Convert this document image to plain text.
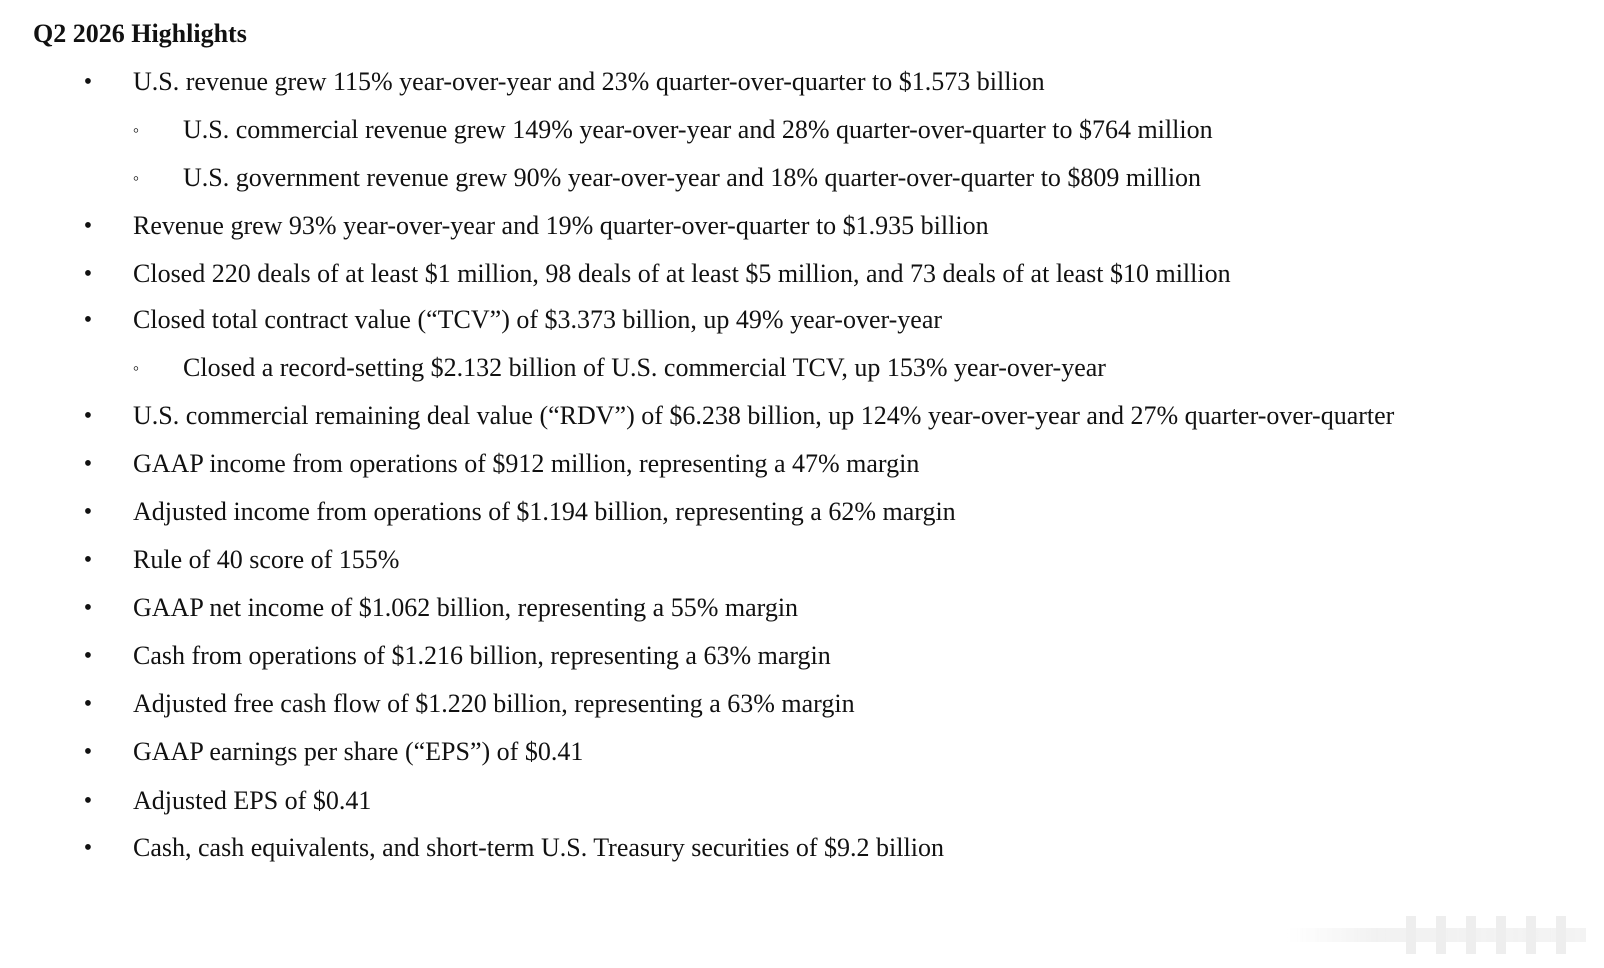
Q2 2026 Highlights
• U.S. revenue grew 115% year-over-year and 23% quarter-over-quarter to $1.573 billion
◦ U.S. commercial revenue grew 149% year-over-year and 28% quarter-over-quarter to $764 million
◦ U.S. government revenue grew 90% year-over-year and 18% quarter-over-quarter to $809 million
• Revenue grew 93% year-over-year and 19% quarter-over-quarter to $1.935 billion
• Closed 220 deals of at least $1 million, 98 deals of at least $5 million, and 73 deals of at least $10 million
• Closed total contract value (“TCV”) of $3.373 billion, up 49% year-over-year
◦ Closed a record-setting $2.132 billion of U.S. commercial TCV, up 153% year-over-year
• U.S. commercial remaining deal value (“RDV”) of $6.238 billion, up 124% year-over-year and 27% quarter-over-quarter
• GAAP income from operations of $912 million, representing a 47% margin
• Adjusted income from operations of $1.194 billion, representing a 62% margin
• Rule of 40 score of 155%
• GAAP net income of $1.062 billion, representing a 55% margin
• Cash from operations of $1.216 billion, representing a 63% margin
• Adjusted free cash flow of $1.220 billion, representing a 63% margin
• GAAP earnings per share (“EPS”) of $0.41
• Adjusted EPS of $0.41
• Cash, cash equivalents, and short-term U.S. Treasury securities of $9.2 billion
